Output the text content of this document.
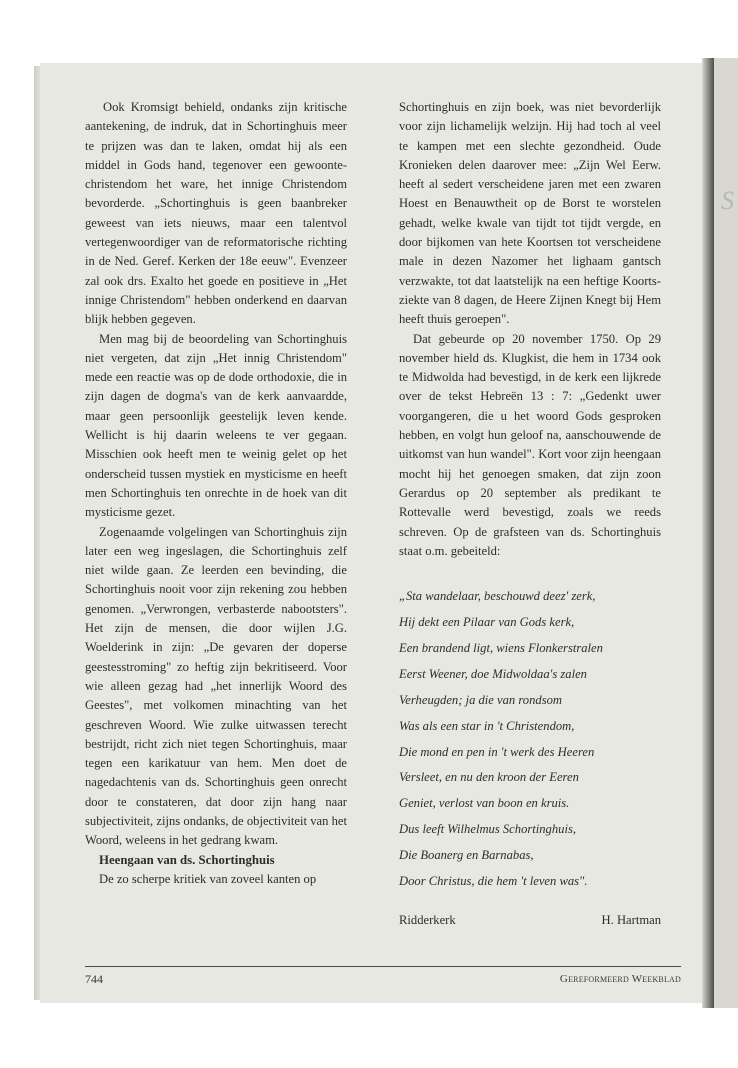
S

Ook Kromsigt behield, ondanks zijn kritische aantekening, de indruk, dat in Schortinghuis meer te prijzen was dan te laken, omdat hij als een middel in Gods hand, tegenover een gewoonte-christendom het ware, het innige Christendom bevorderde. „Schortinghuis is geen baanbreker geweest van iets nieuws, maar een talentvol vertegenwoordiger van de reformatorische richting in de Ned. Geref. Kerken der 18e eeuw". Evenzeer zal ook drs. Exalto het goede en positieve in „Het innige Christendom" hebben onderkend en daarvan blijk hebben gegeven.

Men mag bij de beoordeling van Schortinghuis niet vergeten, dat zijn „Het innig Christendom" mede een reactie was op de dode orthodoxie, die in zijn dagen de dogma's van de kerk aanvaardde, maar geen persoonlijk geestelijk leven kende. Wellicht is hij daarin weleens te ver gegaan. Misschien ook heeft men te weinig gelet op het onderscheid tussen mystiek en mysticisme en heeft men Schortinghuis ten onrechte in de hoek van dit mysticisme gezet.

Zogenaamde volgelingen van Schortinghuis zijn later een weg ingeslagen, die Schortinghuis zelf niet wilde gaan. Ze leerden een bevinding, die Schortinghuis nooit voor zijn rekening zou hebben genomen. „Verwrongen, verbasterde nabootsters". Het zijn de mensen, die door wijlen J.G. Woelderink in zijn: „De gevaren der doperse geestesstroming" zo heftig zijn bekritiseerd. Voor wie alleen gezag had „het innerlijk Woord des Geestes", met volkomen minachting van het geschreven Woord. Wie zulke uitwassen terecht bestrijdt, richt zich niet tegen Schortinghuis, maar tegen een karikatuur van hem. Men doet de nagedachtenis van ds. Schortinghuis geen onrecht door te constateren, dat door zijn hang naar subjectiviteit, zijns ondanks, de objectiviteit van het Woord, weleens in het gedrang kwam.

Heengaan van ds. Schortinghuis

De zo scherpe kritiek van zoveel kanten op

Schortinghuis en zijn boek, was niet bevorderlijk voor zijn lichamelijk welzijn. Hij had toch al veel te kampen met een slechte gezondheid. Oude Kronieken delen daarover mee: „Zijn Wel Eerw. heeft al sedert verscheidene jaren met een zwaren Hoest en Benauwtheit op de Borst te worstelen gehadt, welke kwale van tijdt tot tijdt vergde, en door bijkomen van hete Koortsen tot verscheidene male in dezen Nazomer het lighaam gantsch verzwakte, tot dat laatstelijk na een heftige Koorts-ziekte van 8 dagen, de Heere Zijnen Knegt bij Hem heeft thuis geroepen".

Dat gebeurde op 20 november 1750. Op 29 november hield ds. Klugkist, die hem in 1734 ook te Midwolda had bevestigd, in de kerk een lijkrede over de tekst Hebreën 13 : 7: „Gedenkt uwer voorgangeren, die u het woord Gods gesproken hebben, en volgt hun geloof na, aanschouwende de uitkomst van hun wandel". Kort voor zijn heengaan mocht hij het genoegen smaken, dat zijn zoon Gerardus op 20 september als predikant te Rottevalle werd bevestigd, zoals we reeds schreven. Op de grafsteen van ds. Schortinghuis staat o.m. gebeiteld:

„Sta wandelaar, beschouwd deez' zerk,
Hij dekt een Pilaar van Gods kerk,
Een brandend ligt, wiens Flonkerstralen
Eerst Weener, doe Midwoldaa's zalen
Verheugden; ja die van rondsom
Was als een star in 't Christendom,
Die mond en pen in 't werk des Heeren
Versleet, en nu den kroon der Eeren
Geniet, verlost van boon en kruis.
Dus leeft Wilhelmus Schortinghuis,
Die Boanerg en Barnabas,
Door Christus, die hem 't leven was".
Ridderkerk	H. Hartman
744	Gereformeerd Weekblad
